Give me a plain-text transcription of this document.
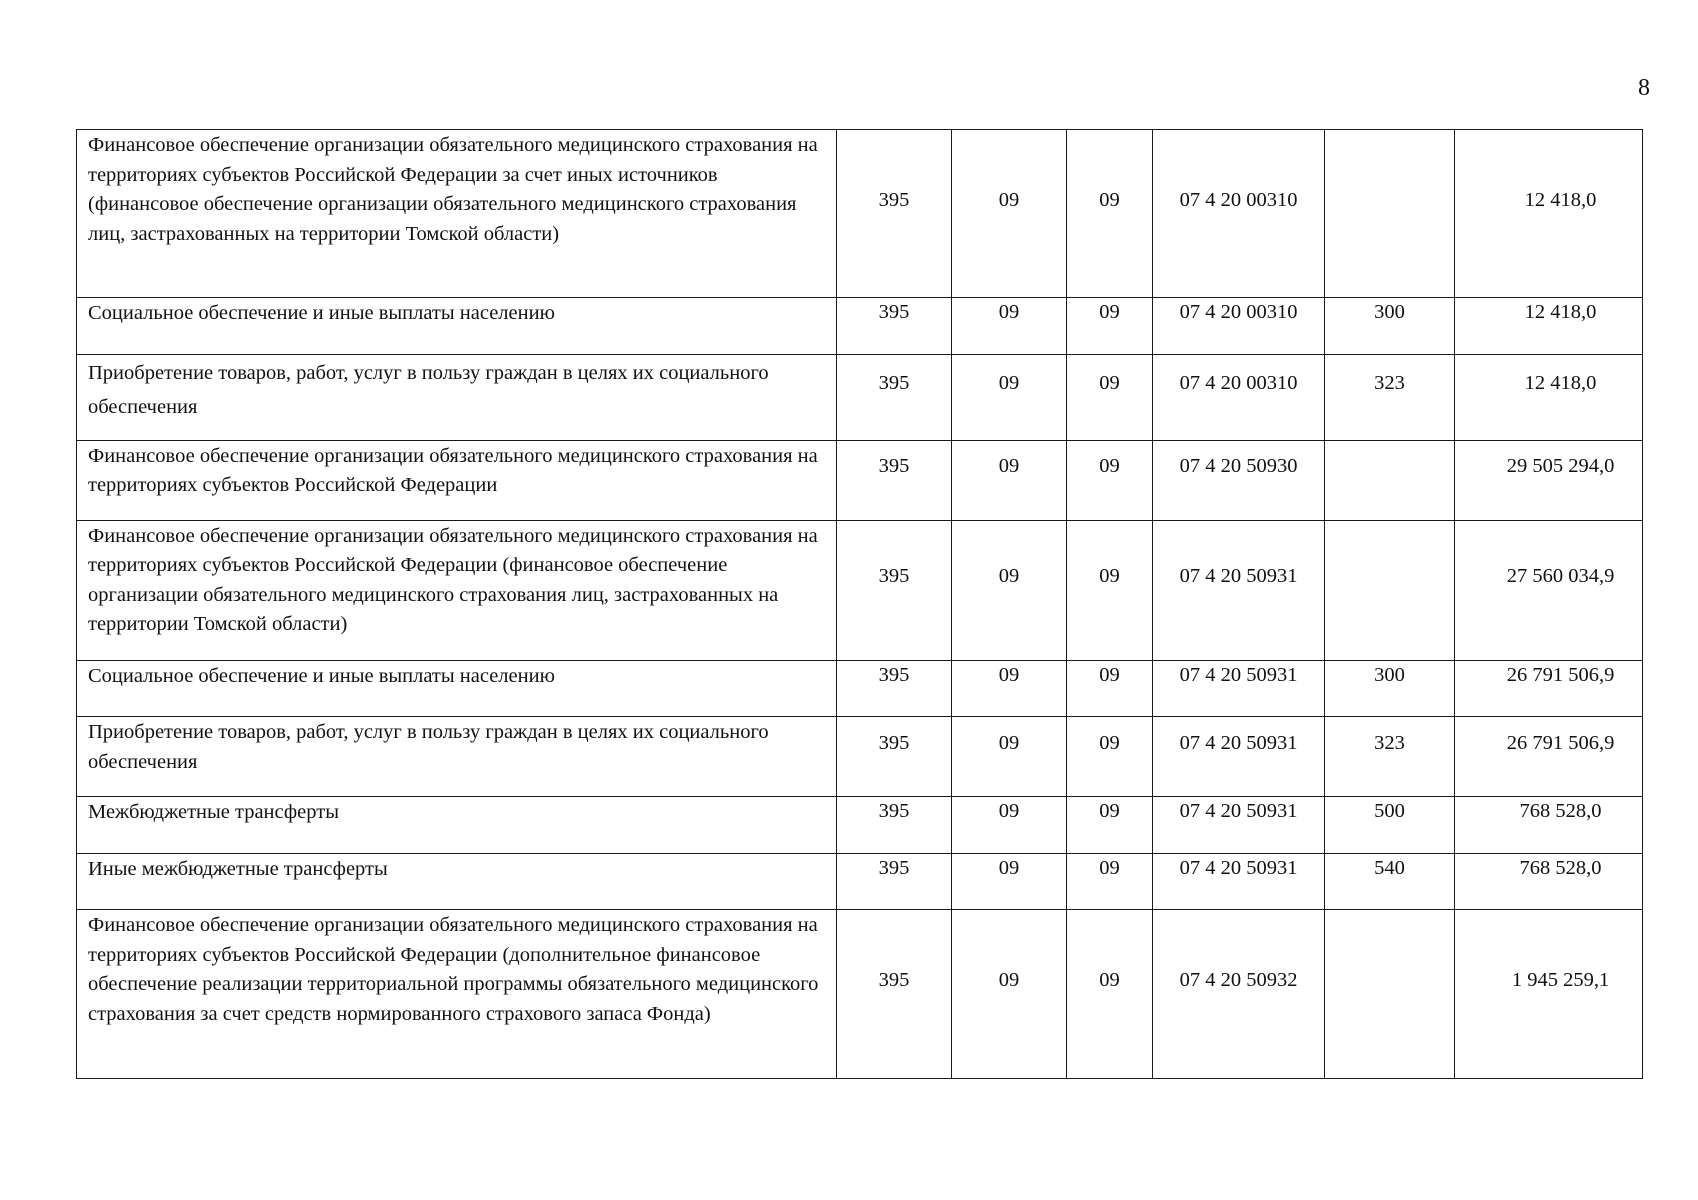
8
Финансовое обеспечение организации обязательного медицинского страхования на территориях субъектов Российской Федерации за счет иных источников (финансовое обеспечение организации обязательного медицинского страхования лиц, застрахованных на территории Томской области)	395	09	09	07 4 20 00310		12 418,0
Социальное обеспечение и иные выплаты населению	395	09	09	07 4 20 00310	300	12 418,0
Приобретение товаров, работ, услуг в пользу граждан в целях их социального обеспечения	395	09	09	07 4 20 00310	323	12 418,0
Финансовое обеспечение организации обязательного медицинского страхования на территориях субъектов Российской Федерации	395	09	09	07 4 20 50930		29 505 294,0
Финансовое обеспечение организации обязательного медицинского страхования на территориях субъектов Российской Федерации (финансовое обеспечение организации обязательного медицинского страхования лиц, застрахованных на территории Томской области)	395	09	09	07 4 20 50931		27 560 034,9
Социальное обеспечение и иные выплаты населению	395	09	09	07 4 20 50931	300	26 791 506,9
Приобретение товаров, работ, услуг в пользу граждан в целях их социального обеспечения	395	09	09	07 4 20 50931	323	26 791 506,9
Межбюджетные трансферты	395	09	09	07 4 20 50931	500	768 528,0
Иные межбюджетные трансферты	395	09	09	07 4 20 50931	540	768 528,0
Финансовое обеспечение организации обязательного медицинского страхования на территориях субъектов Российской Федерации (дополнительное финансовое обеспечение реализации территориальной программы обязательного медицинского страхования за счет средств нормированного страхового запаса Фонда)	395	09	09	07 4 20 50932		1 945 259,1
